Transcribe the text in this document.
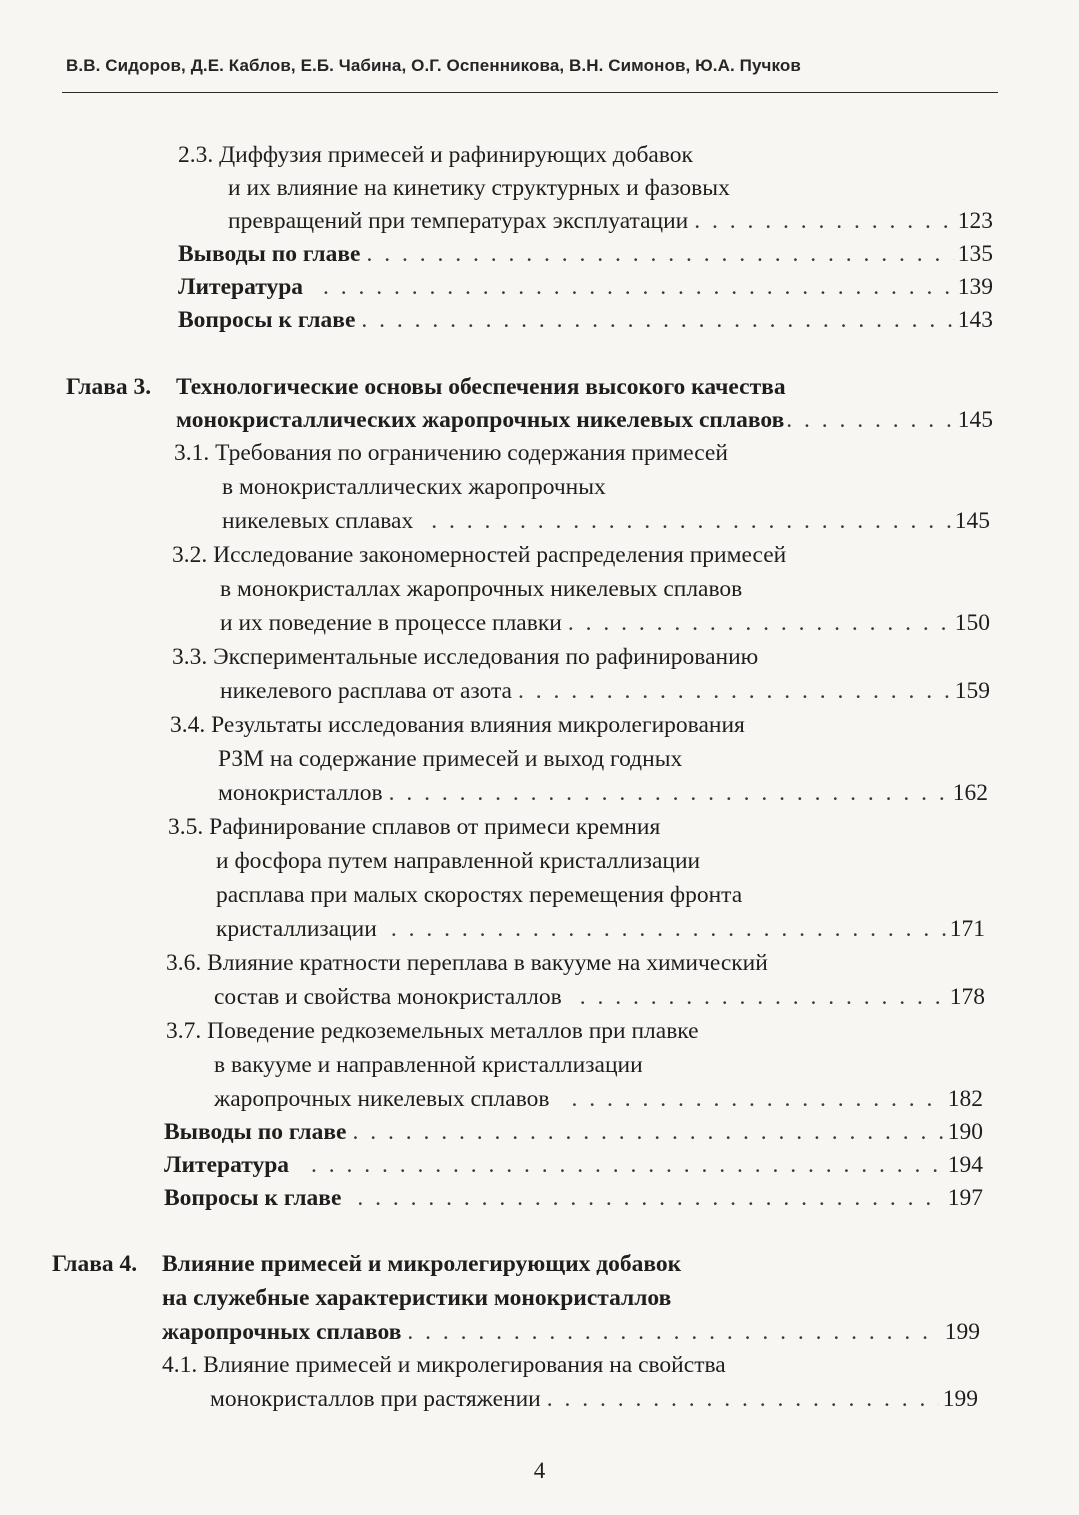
В.В. Сидоров, Д.Е. Каблов, Е.Б. Чабина, О.Г. Оспенникова, В.Н. Симонов, Ю.А. Пучков
2.3. Диффузия примесей и рафинирующих добавок
и их влияние на кинетику структурных и фазовых
превращений при температурах эксплуатации . . .	123
Выводы по главе . . .	135
Литература . . .	139
Вопросы к главе . . .	143
Глава 3. Технологические основы обеспечения высокого качества
монокристаллических жаропрочных никелевых сплавов . . .	145
3.1. Требования по ограничению содержания примесей
в монокристаллических жаропрочных
никелевых сплавах . . .	145
3.2. Исследование закономерностей распределения примесей
в монокристаллах жаропрочных никелевых сплавов
и их поведение в процессе плавки . . .	150
3.3. Экспериментальные исследования по рафинированию
никелевого расплава от азота . . .	159
3.4. Результаты исследования влияния микролегирования
РЗМ на содержание примесей и выход годных
монокристаллов . . .	162
3.5. Рафинирование сплавов от примеси кремния
и фосфора путем направленной кристаллизации
расплава при малых скоростях перемещения фронта
кристаллизации . . .	171
3.6. Влияние кратности переплава в вакууме на химический
состав и свойства монокристаллов . . .	178
3.7. Поведение редкоземельных металлов при плавке
в вакууме и направленной кристаллизации
жаропрочных никелевых сплавов . . .	182
Выводы по главе . . .	190
Литература . . .	194
Вопросы к главе . . .	197
Глава 4. Влияние примесей и микролегирующих добавок
на служебные характеристики монокристаллов
жаропрочных сплавов . . .	199
4.1. Влияние примесей и микролегирования на свойства
монокристаллов при растяжении . . .	199
4
